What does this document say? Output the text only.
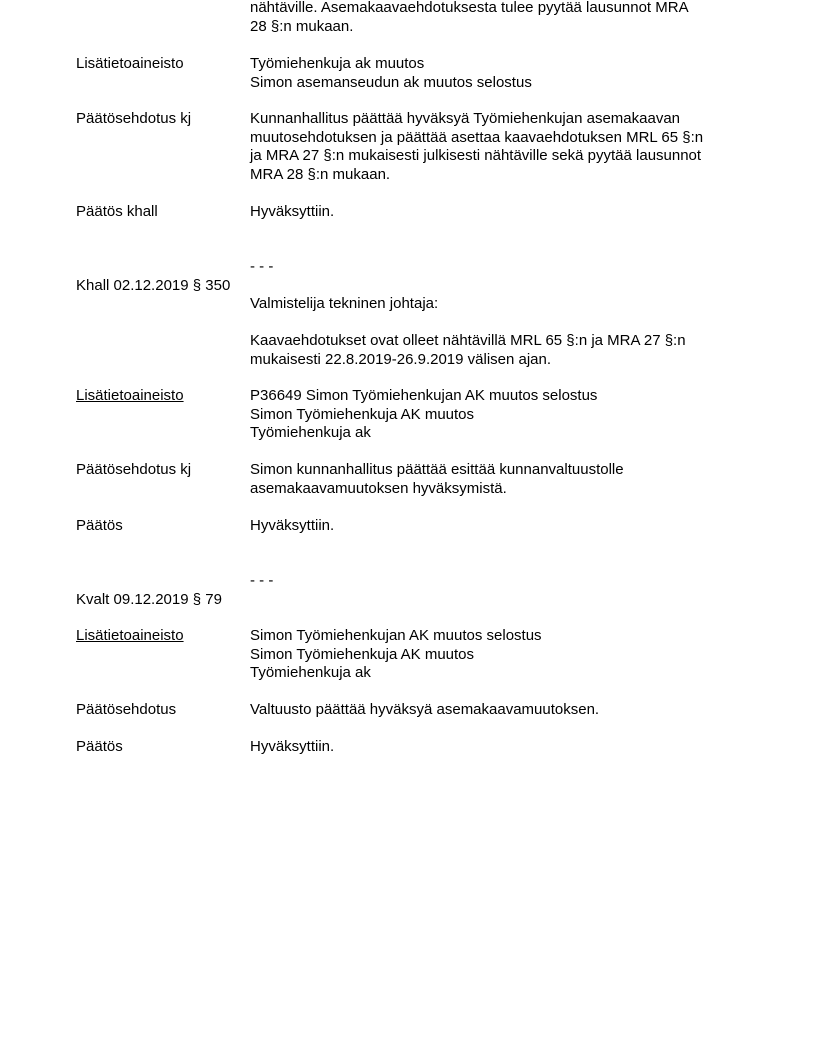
nähtäville. Asemakaavaehdotuksesta tulee pyytää lausunnot MRA
28 §:n mukaan.
Lisätietoaineisto	Työmiehenkuja ak muutos
Simon asemanseudun ak muutos selostus
Päätösehdotus kj	Kunnanhallitus päättää hyväksyä Työmiehenkujan asemakaavan
muutosehdotuksen ja päättää asettaa kaavaehdotuksen MRL 65 §:n
ja MRA 27 §:n mukaisesti julkisesti nähtäville sekä pyytää lausunnot
MRA 28 §:n mukaan.
Päätös khall	Hyväksyttiin.
- - -
Khall 02.12.2019 § 350
Valmistelija tekninen johtaja:
Kaavaehdotukset ovat olleet nähtävillä MRL 65 §:n ja MRA 27 §:n
mukaisesti 22.8.2019-26.9.2019 välisen ajan.
Lisätietoaineisto	P36649 Simon Työmiehenkujan AK muutos selostus
Simon Työmiehenkuja AK muutos
Työmiehenkuja ak
Päätösehdotus kj	Simon kunnanhallitus päättää esittää kunnanvaltuustolle
asemakaavamuutoksen hyväksymistä.
Päätös	Hyväksyttiin.
- - -
Kvalt 09.12.2019 § 79
Lisätietoaineisto	Simon Työmiehenkujan AK muutos selostus
Simon Työmiehenkuja AK muutos
Työmiehenkuja ak
Päätösehdotus	Valtuusto päättää hyväksyä asemakaavamuutoksen.
Päätös	Hyväksyttiin.
